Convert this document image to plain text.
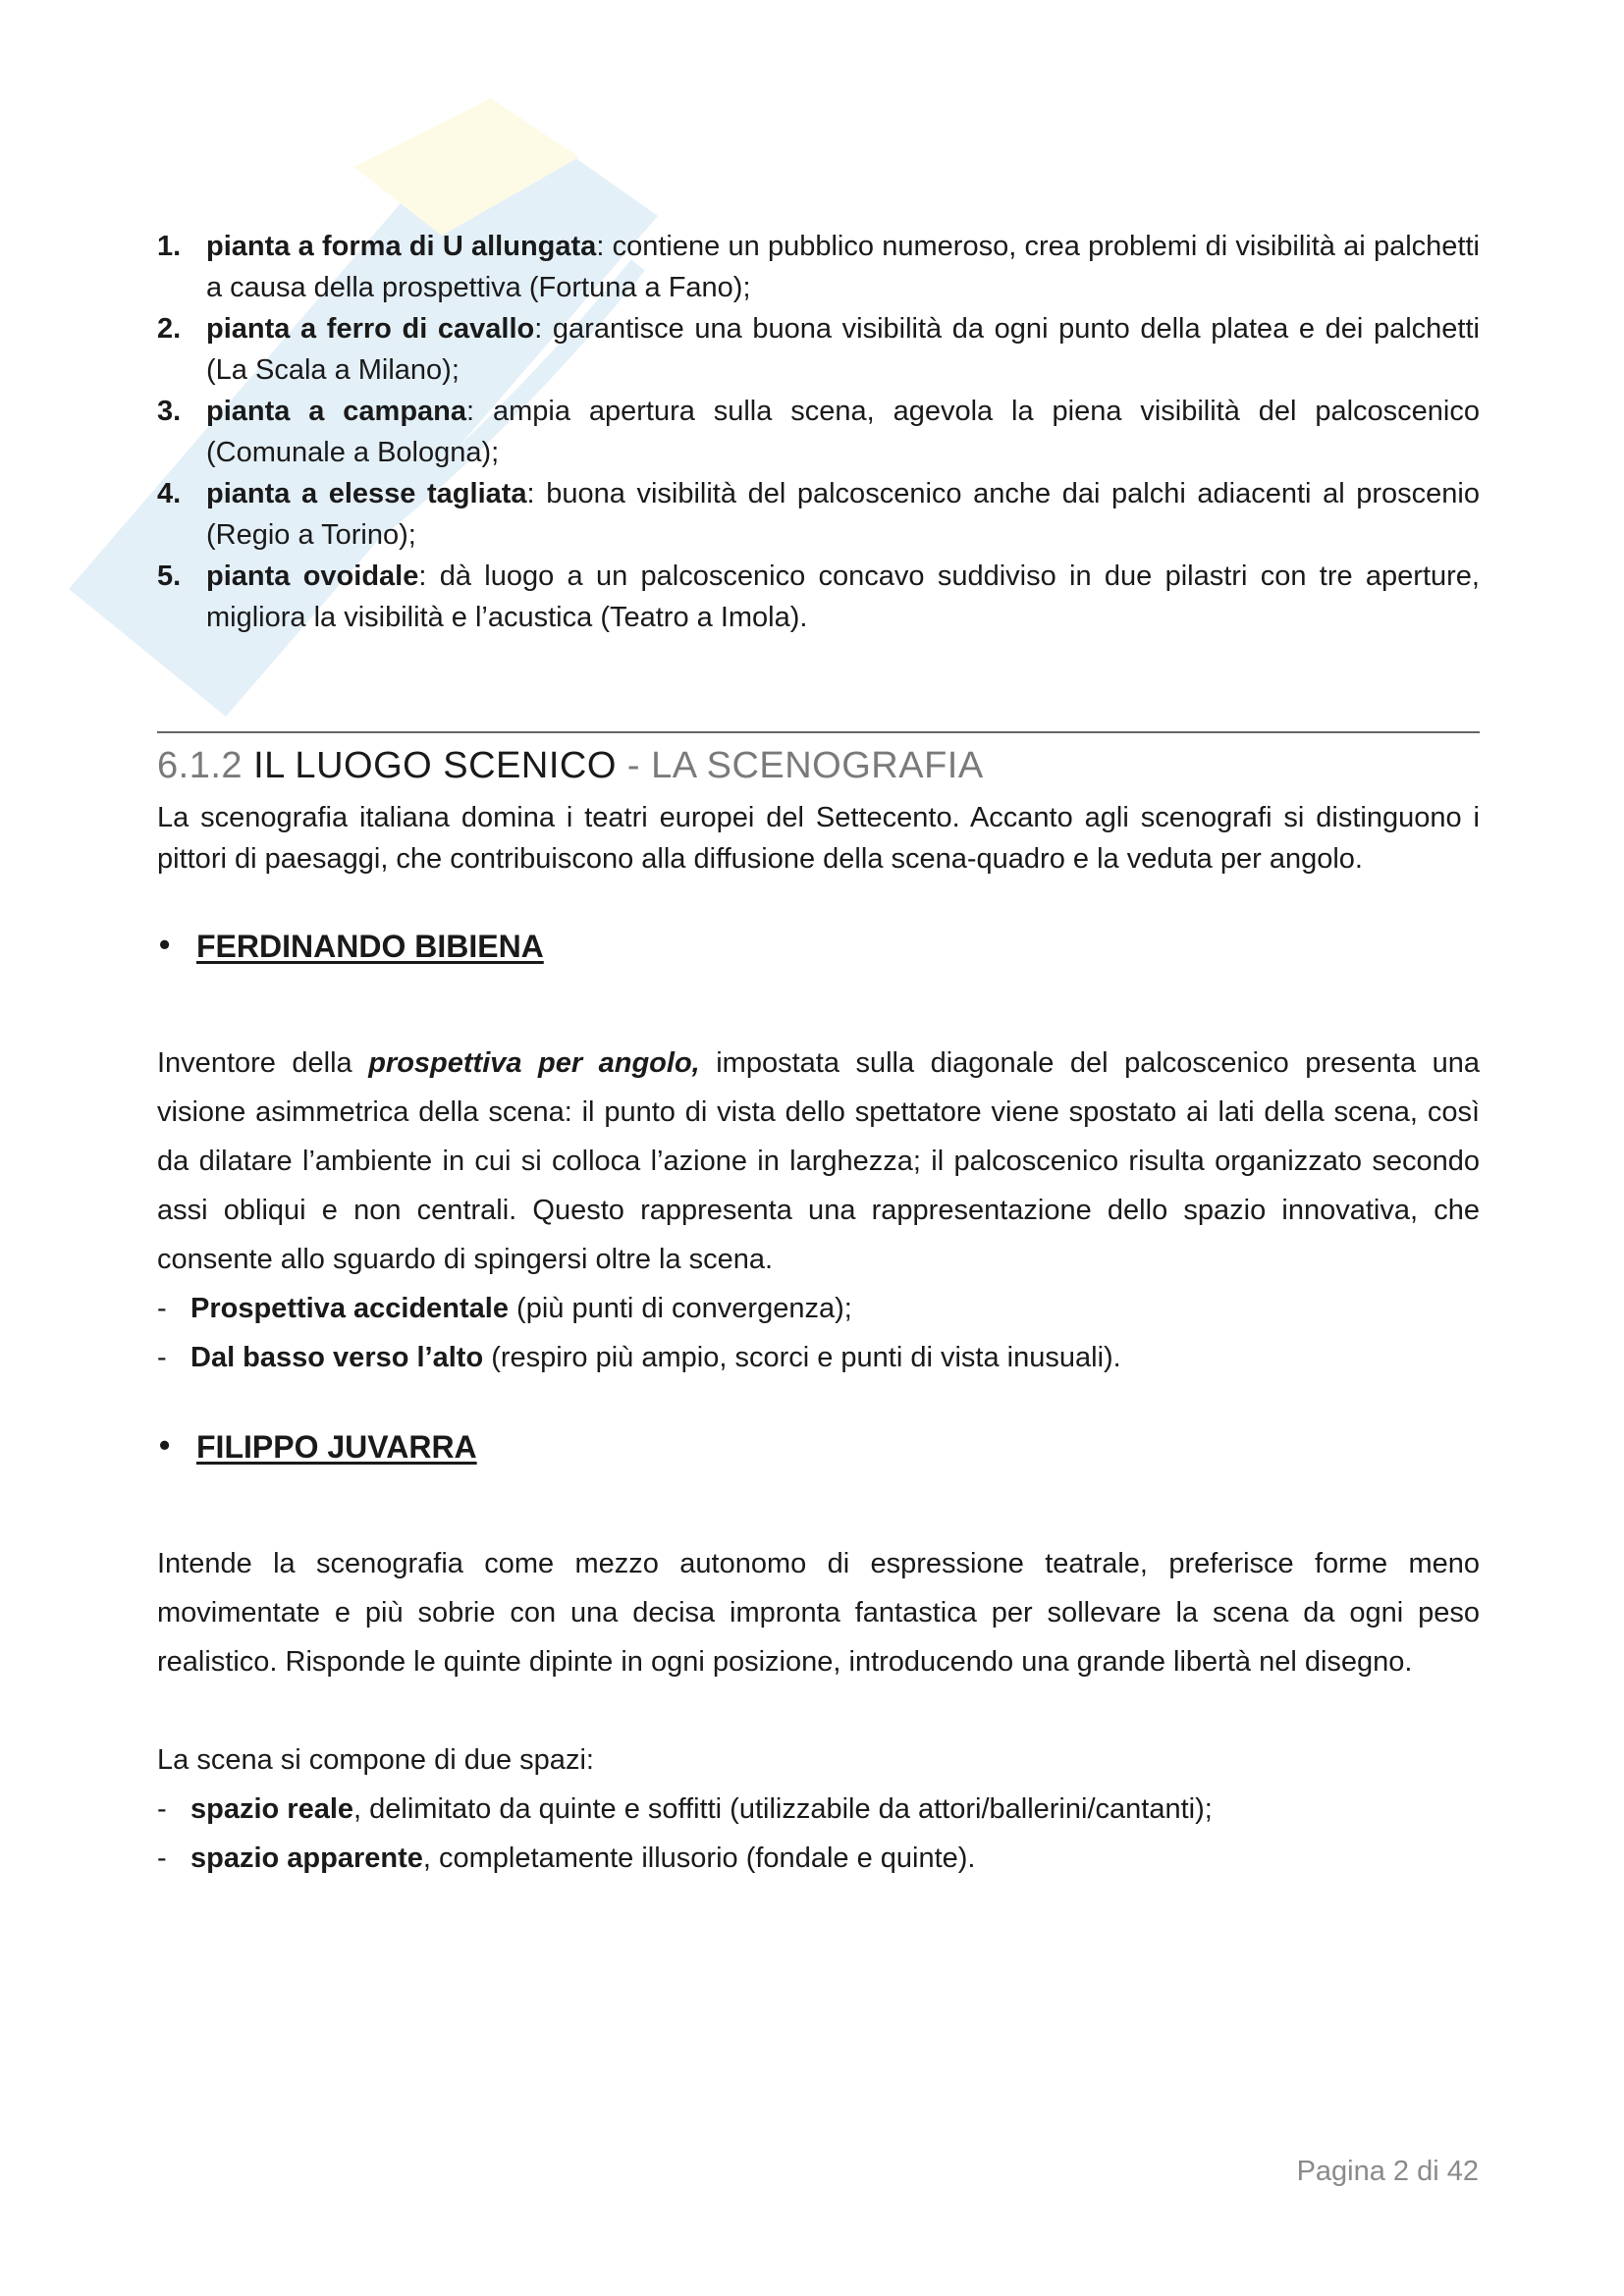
1. pianta a forma di U allungata: contiene un pubblico numeroso, crea problemi di visibilità ai palchetti a causa della prospettiva (Fortuna a Fano);
2. pianta a ferro di cavallo: garantisce una buona visibilità da ogni punto della platea e dei palchetti (La Scala a Milano);
3. pianta a campana: ampia apertura sulla scena, agevola la piena visibilità del palcoscenico (Comunale a Bologna);
4. pianta a elesse tagliata: buona visibilità del palcoscenico anche dai palchi adiacenti al proscenio (Regio a Torino);
5. pianta ovoidale: dà luogo a un palcoscenico concavo suddiviso in due pilastri con tre aperture, migliora la visibilità e l’acustica (Teatro a Imola).
6.1.2 IL LUOGO SCENICO - LA SCENOGRAFIA

La scenografia italiana domina i teatri europei del Settecento. Accanto agli scenografi si distinguono i pittori di paesaggi, che contribuiscono alla diffusione della scena-quadro e la veduta per angolo.

• FERDINANDO BIBIENA

Inventore della prospettiva per angolo, impostata sulla diagonale del palcoscenico presenta una visione asimmetrica della scena: il punto di vista dello spettatore viene spostato ai lati della scena, così da dilatare l’ambiente in cui si colloca l’azione in larghezza; il palcoscenico risulta organizzato secondo assi obliqui e non centrali. Questo rappresenta una rappresentazione dello spazio innovativa, che consente allo sguardo di spingersi oltre la scena.

- Prospettiva accidentale (più punti di convergenza);
- Dal basso verso l’alto (respiro più ampio, scorci e punti di vista inusuali).
• FILIPPO JUVARRA

Intende la scenografia come mezzo autonomo di espressione teatrale, preferisce forme meno movimentate e più sobrie con una decisa impronta fantastica per sollevare la scena da ogni peso realistico. Risponde le quinte dipinte in ogni posizione, introducendo una grande libertà nel disegno.

La scena si compone di due spazi:

- spazio reale, delimitato da quinte e soffitti (utilizzabile da attori/ballerini/cantanti);
- spazio apparente, completamente illusorio (fondale e quinte).
Pagina 2 di 42
